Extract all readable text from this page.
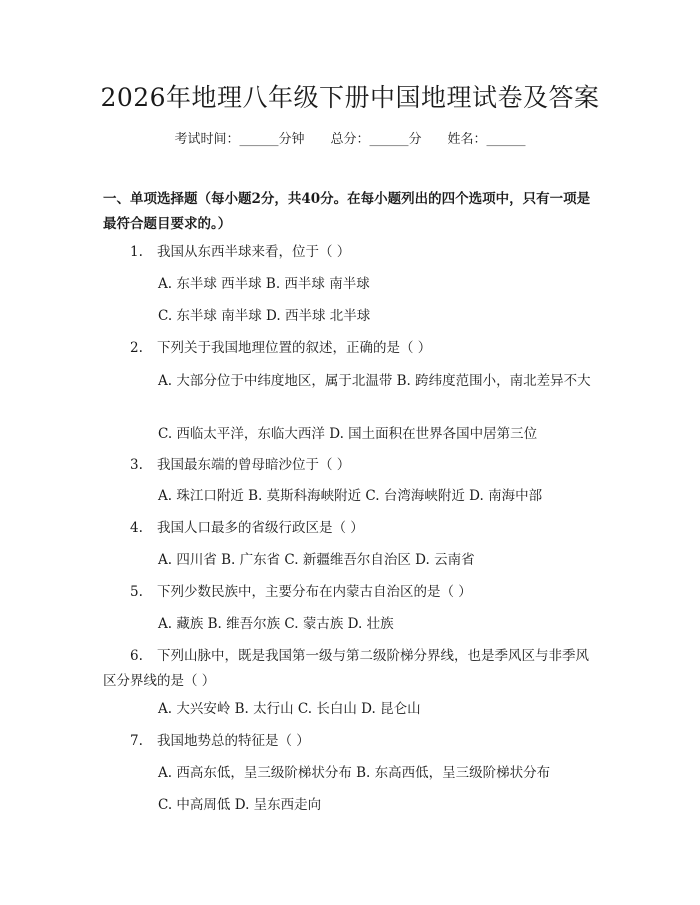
2026年地理八年级下册中国地理试卷及答案
考试时间：______分钟 总分：______分 姓名：______
一、单项选择题（每小题2分，共40分。在每小题列出的四个选项中，只有一项是最符合题目要求的。）
1. 我国从东西半球来看，位于（ ）
A. 东半球 西半球 B. 西半球 南半球
C. 东半球 南半球 D. 西半球 北半球
2. 下列关于我国地理位置的叙述，正确的是（ ）
A. 大部分位于中纬度地区，属于北温带 B. 跨纬度范围小，南北差异不大
C. 西临太平洋，东临大西洋 D. 国土面积在世界各国中居第三位
3. 我国最东端的曾母暗沙位于（ ）
A. 珠江口附近 B. 莫斯科海峡附近 C. 台湾海峡附近 D. 南海中部
4. 我国人口最多的省级行政区是（ ）
A. 四川省 B. 广东省 C. 新疆维吾尔自治区 D. 云南省
5. 下列少数民族中，主要分布在内蒙古自治区的是（ ）
A. 藏族 B. 维吾尔族 C. 蒙古族 D. 壮族
6. 下列山脉中，既是我国第一级与第二级阶梯分界线，也是季风区与非季风区分界线的是（ ）
A. 大兴安岭 B. 太行山 C. 长白山 D. 昆仑山
7. 我国地势总的特征是（ ）
A. 西高东低，呈三级阶梯状分布 B. 东高西低，呈三级阶梯状分布
C. 中高周低 D. 呈东西走向
